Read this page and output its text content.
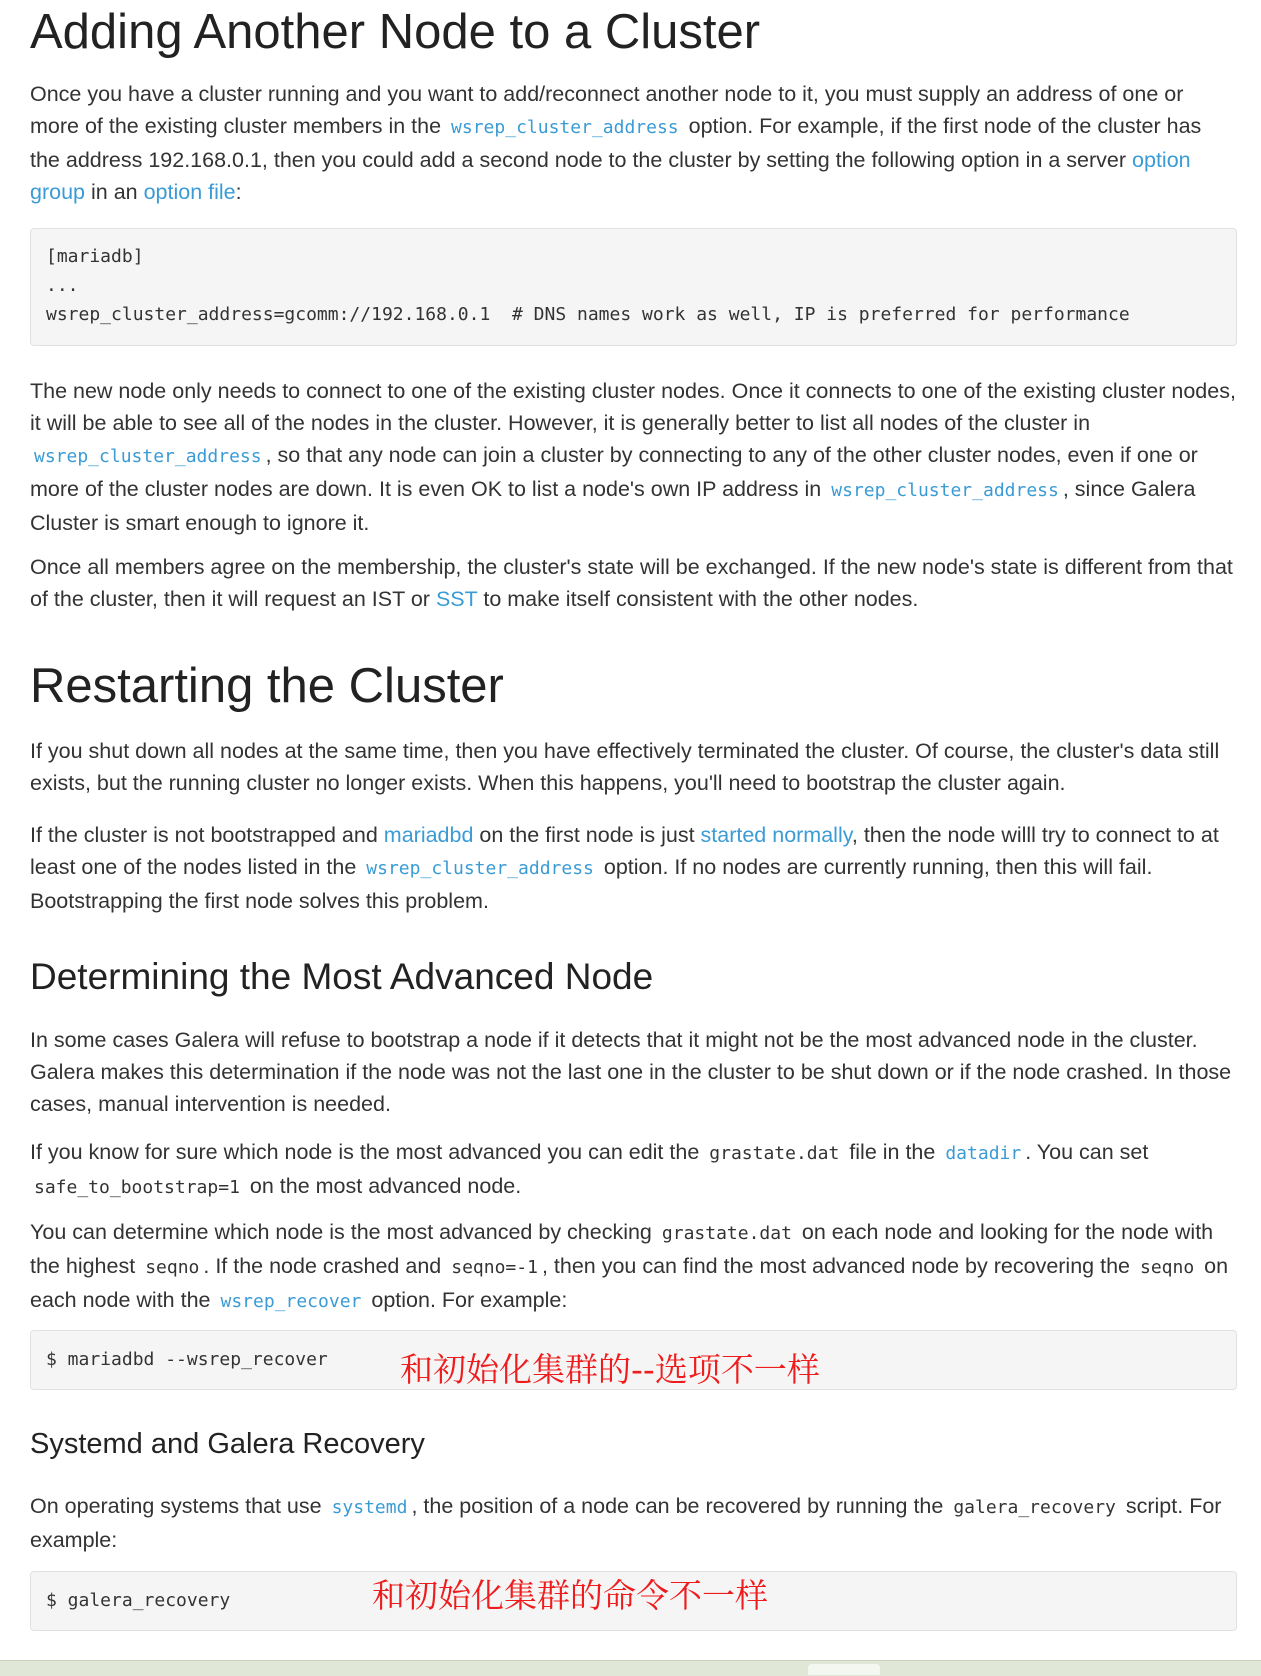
Adding Another Node to a Cluster

Once you have a cluster running and you want to add/reconnect another node to it, you must supply an address of one or more of the existing cluster members in the wsrep_cluster_address option. For example, if the first node of the cluster has the address 192.168.0.1, then you could add a second node to the cluster by setting the following option in a server option group in an option file:

[mariadb]
...
wsrep_cluster_address=gcomm://192.168.0.1  # DNS names work as well, IP is preferred for performance

The new node only needs to connect to one of the existing cluster nodes. Once it connects to one of the existing cluster nodes, it will be able to see all of the nodes in the cluster. However, it is generally better to list all nodes of the cluster in wsrep_cluster_address , so that any node can join a cluster by connecting to any of the other cluster nodes, even if one or more of the cluster nodes are down. It is even OK to list a node's own IP address in wsrep_cluster_address , since Galera Cluster is smart enough to ignore it.

Once all members agree on the membership, the cluster's state will be exchanged. If the new node's state is different from that of the cluster, then it will request an IST or SST to make itself consistent with the other nodes.

Restarting the Cluster

If you shut down all nodes at the same time, then you have effectively terminated the cluster. Of course, the cluster's data still exists, but the running cluster no longer exists. When this happens, you'll need to bootstrap the cluster again.

If the cluster is not bootstrapped and mariadbd on the first node is just started normally, then the node willl try to connect to at least one of the nodes listed in the wsrep_cluster_address option. If no nodes are currently running, then this will fail. Bootstrapping the first node solves this problem.

Determining the Most Advanced Node

In some cases Galera will refuse to bootstrap a node if it detects that it might not be the most advanced node in the cluster. Galera makes this determination if the node was not the last one in the cluster to be shut down or if the node crashed. In those cases, manual intervention is needed.

If you know for sure which node is the most advanced you can edit the grastate.dat file in the datadir . You can set safe_to_bootstrap=1 on the most advanced node.

You can determine which node is the most advanced by checking grastate.dat on each node and looking for the node with the highest seqno . If the node crashed and seqno=-1 , then you can find the most advanced node by recovering the seqno on each node with the wsrep_recover option. For example:

$ mariadbd --wsrep_recover 和初始化集群的--选项不一样
Systemd and Galera Recovery

On operating systems that use systemd , the position of a node can be recovered by running the galera_recovery script. For example:

$ galera_recovery	和初始化集群的命令不一样
